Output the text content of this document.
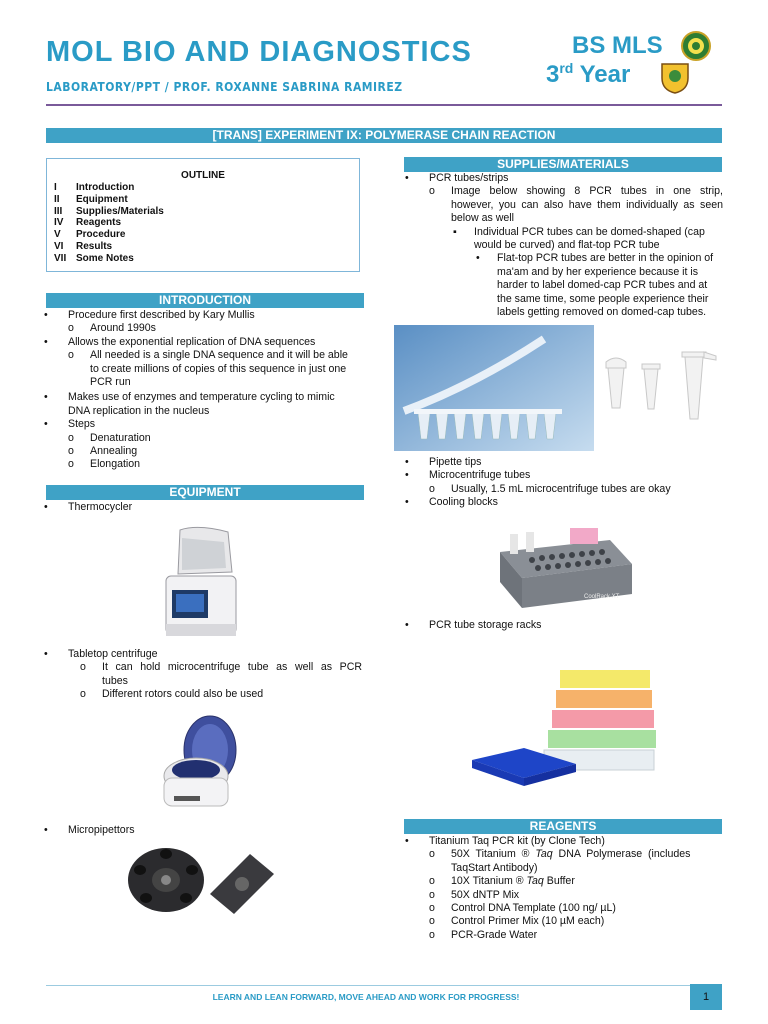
MOL BIO AND DIAGNOSTICS
LABORATORY/PPT / PROF. ROXANNE SABRINA RAMIREZ
BS MLS
3rd Year
[TRANS] EXPERIMENT IX: POLYMERASE CHAIN REACTION
OUTLINE
I Introduction
II Equipment
III Supplies/Materials
IV Reagents
V Procedure
VI Results
VII Some Notes
INTRODUCTION
• Procedure first described by Kary Mullis
o Around 1990s
• Allows the exponential replication of DNA sequences
o All needed is a single DNA sequence and it will be able
to create millions of copies of this sequence in just one
PCR run
• Makes use of enzymes and temperature cycling to mimic
DNA replication in the nucleus
• Steps
o Denaturation
o Annealing
o Elongation
EQUIPMENT
• Thermocycler
• Tabletop centrifuge
o It can hold microcentrifuge tube as well as PCR
tubes
o Different rotors could also be used
• Micropipettors
SUPPLIES/MATERIALS
• PCR tubes/strips
o Image below showing 8 PCR tubes in one strip,
however, you can also have them individually as seen
below as well
▪ Individual PCR tubes can be domed-shaped (cap
would be curved) and flat-top PCR tube
• Flat-top PCR tubes are better in the opinion of
ma'am and by her experience because it is
harder to label domed-cap PCR tubes and at
the same time, some people experience their
labels getting removed on domed-cap tubes.
• Pipette tips
• Microcentrifuge tubes
o Usually, 1.5 mL microcentrifuge tubes are okay
• Cooling blocks
CoolRack XT
• PCR tube storage racks
REAGENTS
• Titanium Taq PCR kit (by Clone Tech)
o 50X  Titanium  ®  Taq  DNA  Polymerase  (includes
TaqStart Antibody)
o 10X Titanium ® Taq Buffer
o 50X dNTP Mix
o Control DNA Template (100 ng/ µL)
o Control Primer Mix (10 µM each)
o PCR-Grade Water
LEARN AND LEAN FORWARD, MOVE AHEAD AND WORK FOR PROGRESS!	1
